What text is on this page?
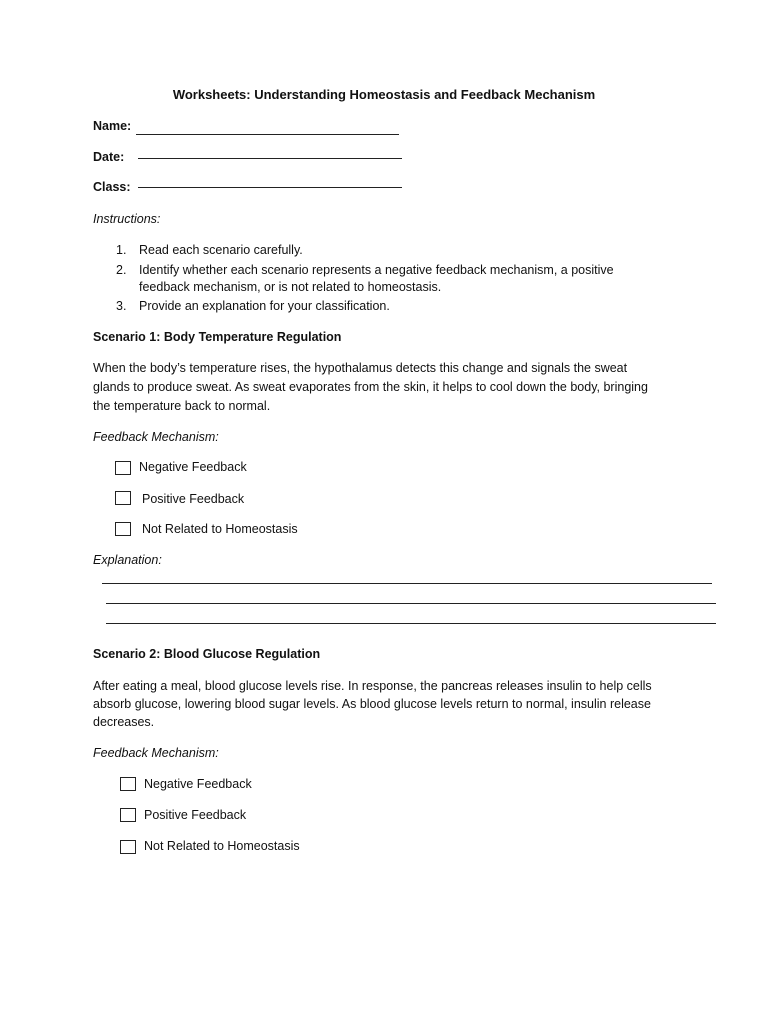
Worksheets: Understanding Homeostasis and Feedback Mechanism
Name:
Date:
Class:
Instructions:
1. Read each scenario carefully.
2. Identify whether each scenario represents a negative feedback mechanism, a positive
feedback mechanism, or is not related to homeostasis.
3. Provide an explanation for your classification.
Scenario 1: Body Temperature Regulation
When the body’s temperature rises, the hypothalamus detects this change and signals the sweat
glands to produce sweat. As sweat evaporates from the skin, it helps to cool down the body, bringing
the temperature back to normal.
Feedback Mechanism:
Negative Feedback
Positive Feedback
Not Related to Homeostasis
Explanation:
Scenario 2: Blood Glucose Regulation
After eating a meal, blood glucose levels rise. In response, the pancreas releases insulin to help cells
absorb glucose, lowering blood sugar levels. As blood glucose levels return to normal, insulin release
decreases.
Feedback Mechanism:
Negative Feedback
Positive Feedback
Not Related to Homeostasis
